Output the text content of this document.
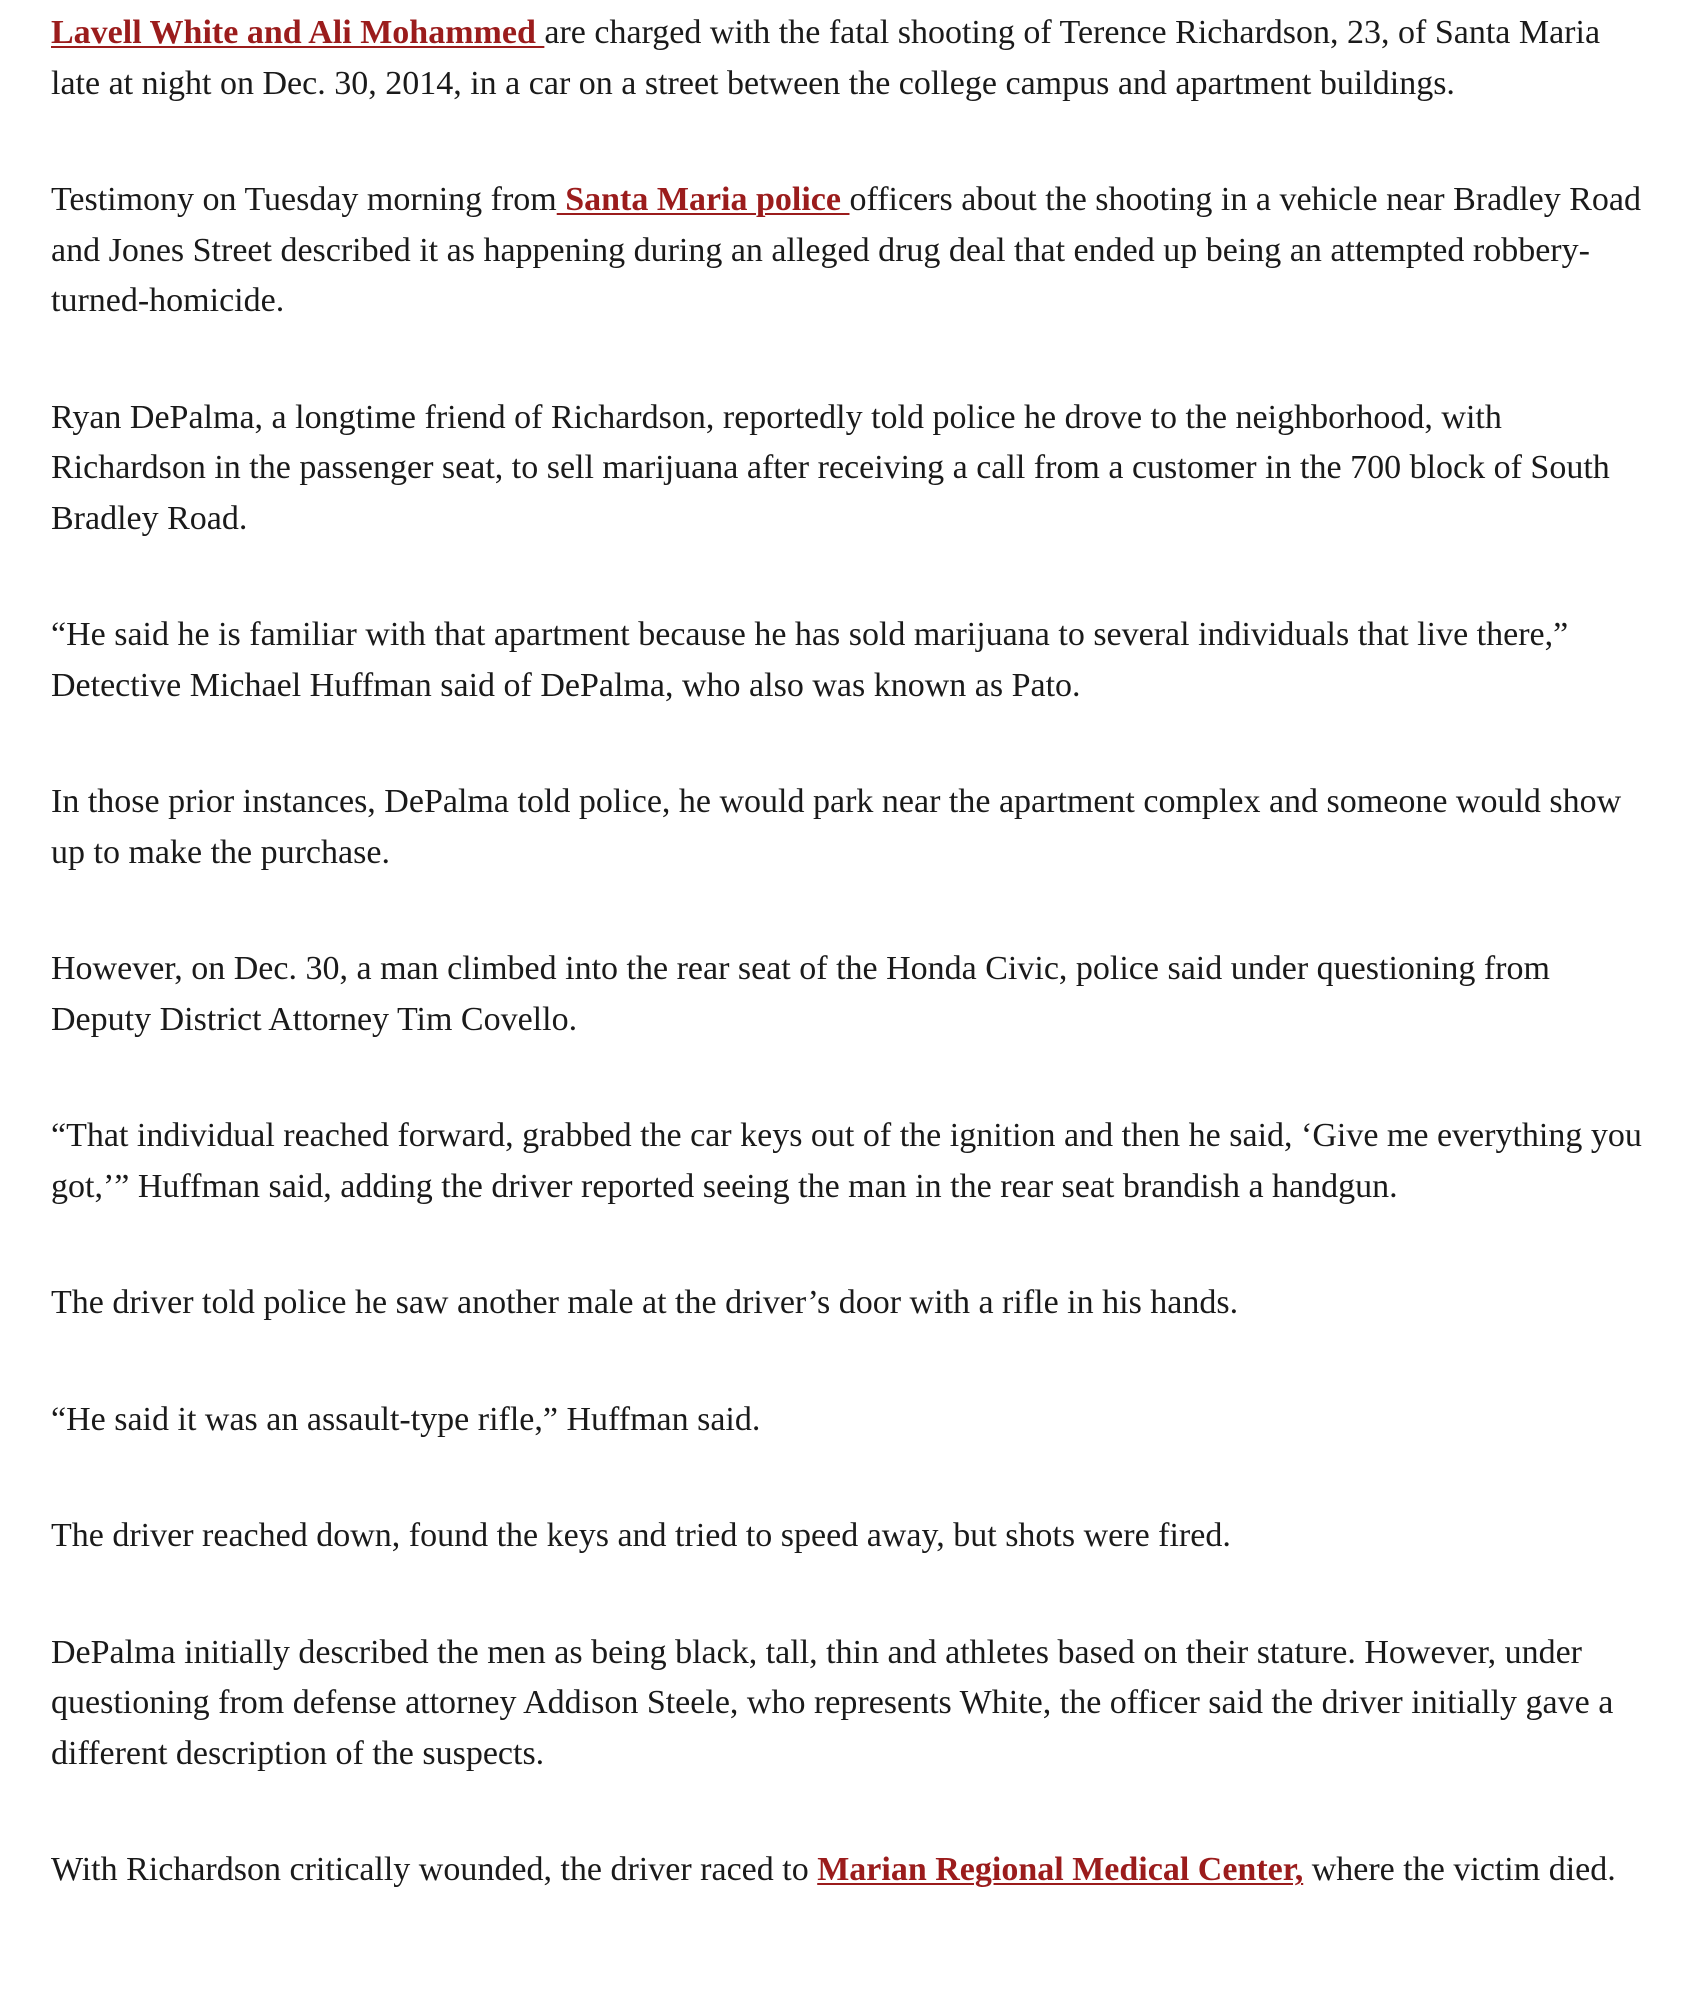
Lavell White and Ali Mohammed are charged with the fatal shooting of Terence Richardson, 23, of Santa Maria late at night on Dec. 30, 2014, in a car on a street between the college campus and apartment buildings.

Testimony on Tuesday morning from Santa Maria police officers about the shooting in a vehicle near Bradley Road and Jones Street described it as happening during an alleged drug deal that ended up being an attempted robbery-turned-homicide.

Ryan DePalma, a longtime friend of Richardson, reportedly told police he drove to the neighborhood, with Richardson in the passenger seat, to sell marijuana after receiving a call from a customer in the 700 block of South Bradley Road.

“He said he is familiar with that apartment because he has sold marijuana to several individuals that live there,” Detective Michael Huffman said of DePalma, who also was known as Pato.

In those prior instances, DePalma told police, he would park near the apartment complex and someone would show up to make the purchase.

However, on Dec. 30, a man climbed into the rear seat of the Honda Civic, police said under questioning from Deputy District Attorney Tim Covello.

“That individual reached forward, grabbed the car keys out of the ignition and then he said, ‘Give me everything you got,’” Huffman said, adding the driver reported seeing the man in the rear seat brandish a handgun.

The driver told police he saw another male at the driver’s door with a rifle in his hands.

“He said it was an assault-type rifle,” Huffman said.

The driver reached down, found the keys and tried to speed away, but shots were fired.

DePalma initially described the men as being black, tall, thin and athletes based on their stature. However, under questioning from defense attorney Addison Steele, who represents White, the officer said the driver initially gave a different description of the suspects.

With Richardson critically wounded, the driver raced to Marian Regional Medical Center, where the victim died.
